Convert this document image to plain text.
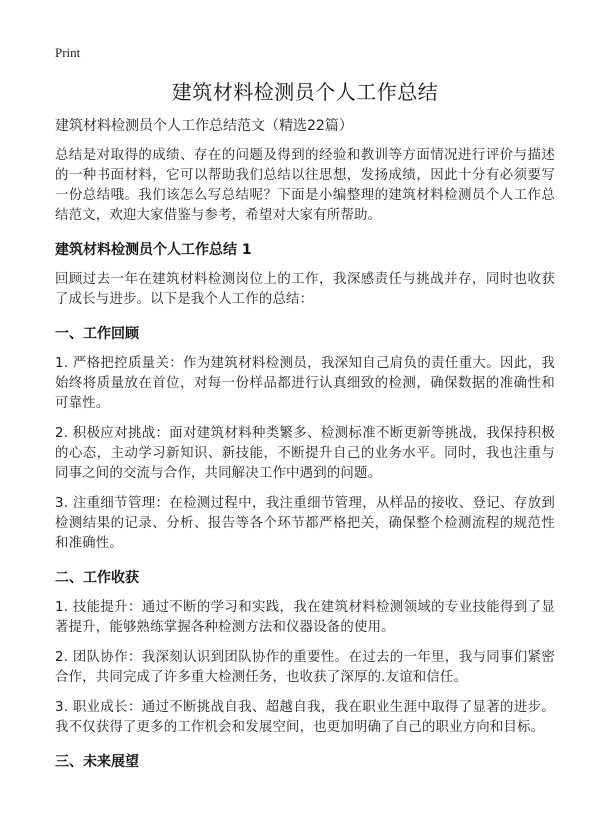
Print
建筑材料检测员个人工作总结
建筑材料检测员个人工作总结范文（精选22篇）

总结是对取得的成绩、存在的问题及得到的经验和教训等方面情况进行评价与描述的一种书面材料，它可以帮助我们总结以往思想，发扬成绩，因此十分有必须要写一份总结哦。我们该怎么写总结呢？下面是小编整理的建筑材料检测员个人工作总结范文，欢迎大家借鉴与参考，希望对大家有所帮助。

建筑材料检测员个人工作总结 1

回顾过去一年在建筑材料检测岗位上的工作，我深感责任与挑战并存，同时也收获了成长与进步。以下是我个人工作的总结：

一、工作回顾

1. 严格把控质量关：作为建筑材料检测员，我深知自己肩负的责任重大。因此，我始终将质量放在首位，对每一份样品都进行认真细致的检测，确保数据的准确性和可靠性。

2. 积极应对挑战：面对建筑材料种类繁多、检测标准不断更新等挑战，我保持积极的心态，主动学习新知识、新技能，不断提升自己的业务水平。同时，我也注重与同事之间的交流与合作，共同解决工作中遇到的问题。

3. 注重细节管理：在检测过程中，我注重细节管理，从样品的接收、登记、存放到检测结果的记录、分析、报告等各个环节都严格把关，确保整个检测流程的规范性和准确性。

二、工作收获

1. 技能提升：通过不断的学习和实践，我在建筑材料检测领域的专业技能得到了显著提升，能够熟练掌握各种检测方法和仪器设备的使用。

2. 团队协作：我深刻认识到团队协作的重要性。在过去的一年里，我与同事们紧密合作，共同完成了许多重大检测任务，也收获了深厚的.友谊和信任。

3. 职业成长：通过不断挑战自我、超越自我，我在职业生涯中取得了显著的进步。我不仅获得了更多的工作机会和发展空间，也更加明确了自己的职业方向和目标。

三、未来展望
